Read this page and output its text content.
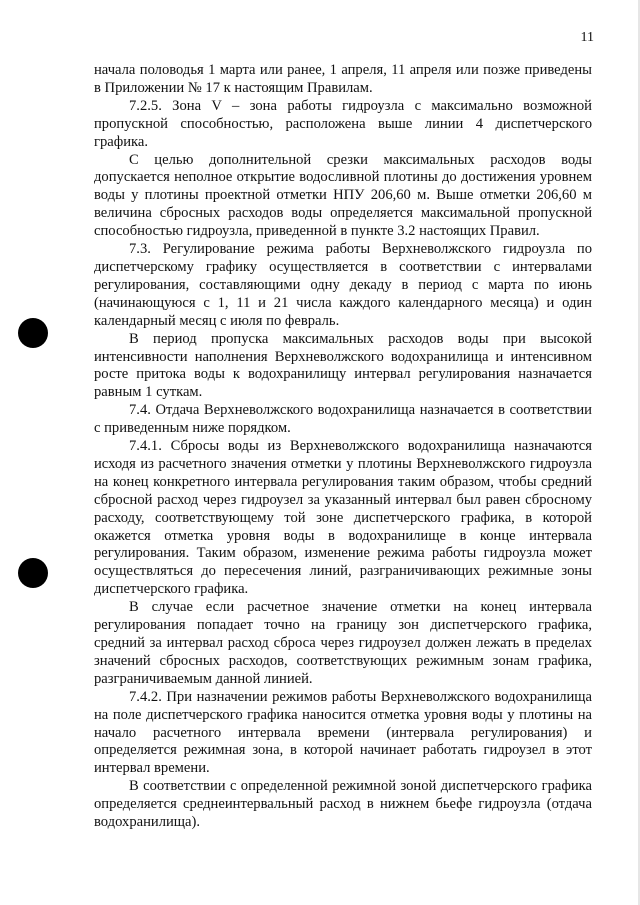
11

начала половодья 1 марта или ранее, 1 апреля, 11 апреля или позже приведены в Приложении № 17 к настоящим Правилам.

7.2.5. Зона V – зона работы гидроузла с максимально возможной пропускной способностью, расположена выше линии 4 диспетчерского графика.

С целью дополнительной срезки максимальных расходов воды допускается неполное открытие водосливной плотины до достижения уровнем воды у плотины проектной отметки НПУ 206,60 м. Выше отметки 206,60 м величина сбросных расходов воды определяется максимальной пропускной способностью гидроузла, приведенной в пункте 3.2 настоящих Правил.

7.3. Регулирование режима работы Верхневолжского гидроузла по диспетчерскому графику осуществляется в соответствии с интервалами регулирования, составляющими одну декаду в период с марта по июнь (начинающуюся с 1, 11 и 21 числа каждого календарного месяца) и один календарный месяц с июля по февраль.

В период пропуска максимальных расходов воды при высокой интенсивности наполнения Верхневолжского водохранилища и интенсивном росте притока воды к водохранилищу интервал регулирования назначается равным 1 суткам.

7.4. Отдача Верхневолжского водохранилища назначается в соответствии с приведенным ниже порядком.

7.4.1. Сбросы воды из Верхневолжского водохранилища назначаются исходя из расчетного значения отметки у плотины Верхневолжского гидроузла на конец конкретного интервала регулирования таким образом, чтобы средний сбросной расход через гидроузел за указанный интервал был равен сбросному расходу, соответствующему той зоне диспетчерского графика, в которой окажется отметка уровня воды в водохранилище в конце интервала регулирования. Таким образом, изменение режима работы гидроузла может осуществляться до пересечения линий, разграничивающих режимные зоны диспетчерского графика.

В случае если расчетное значение отметки на конец интервала регулирования попадает точно на границу зон диспетчерского графика, средний за интервал расход сброса через гидроузел должен лежать в пределах значений сбросных расходов, соответствующих режимным зонам графика, разграничиваемым данной линией.

7.4.2. При назначении режимов работы Верхневолжского водохранилища на поле диспетчерского графика наносится отметка уровня воды у плотины на начало расчетного интервала времени (интервала регулирования) и определяется режимная зона, в которой начинает работать гидроузел в этот интервал времени.

В соответствии с определенной режимной зоной диспетчерского графика определяется среднеинтервальный расход в нижнем бьефе гидроузла (отдача водохранилища).
